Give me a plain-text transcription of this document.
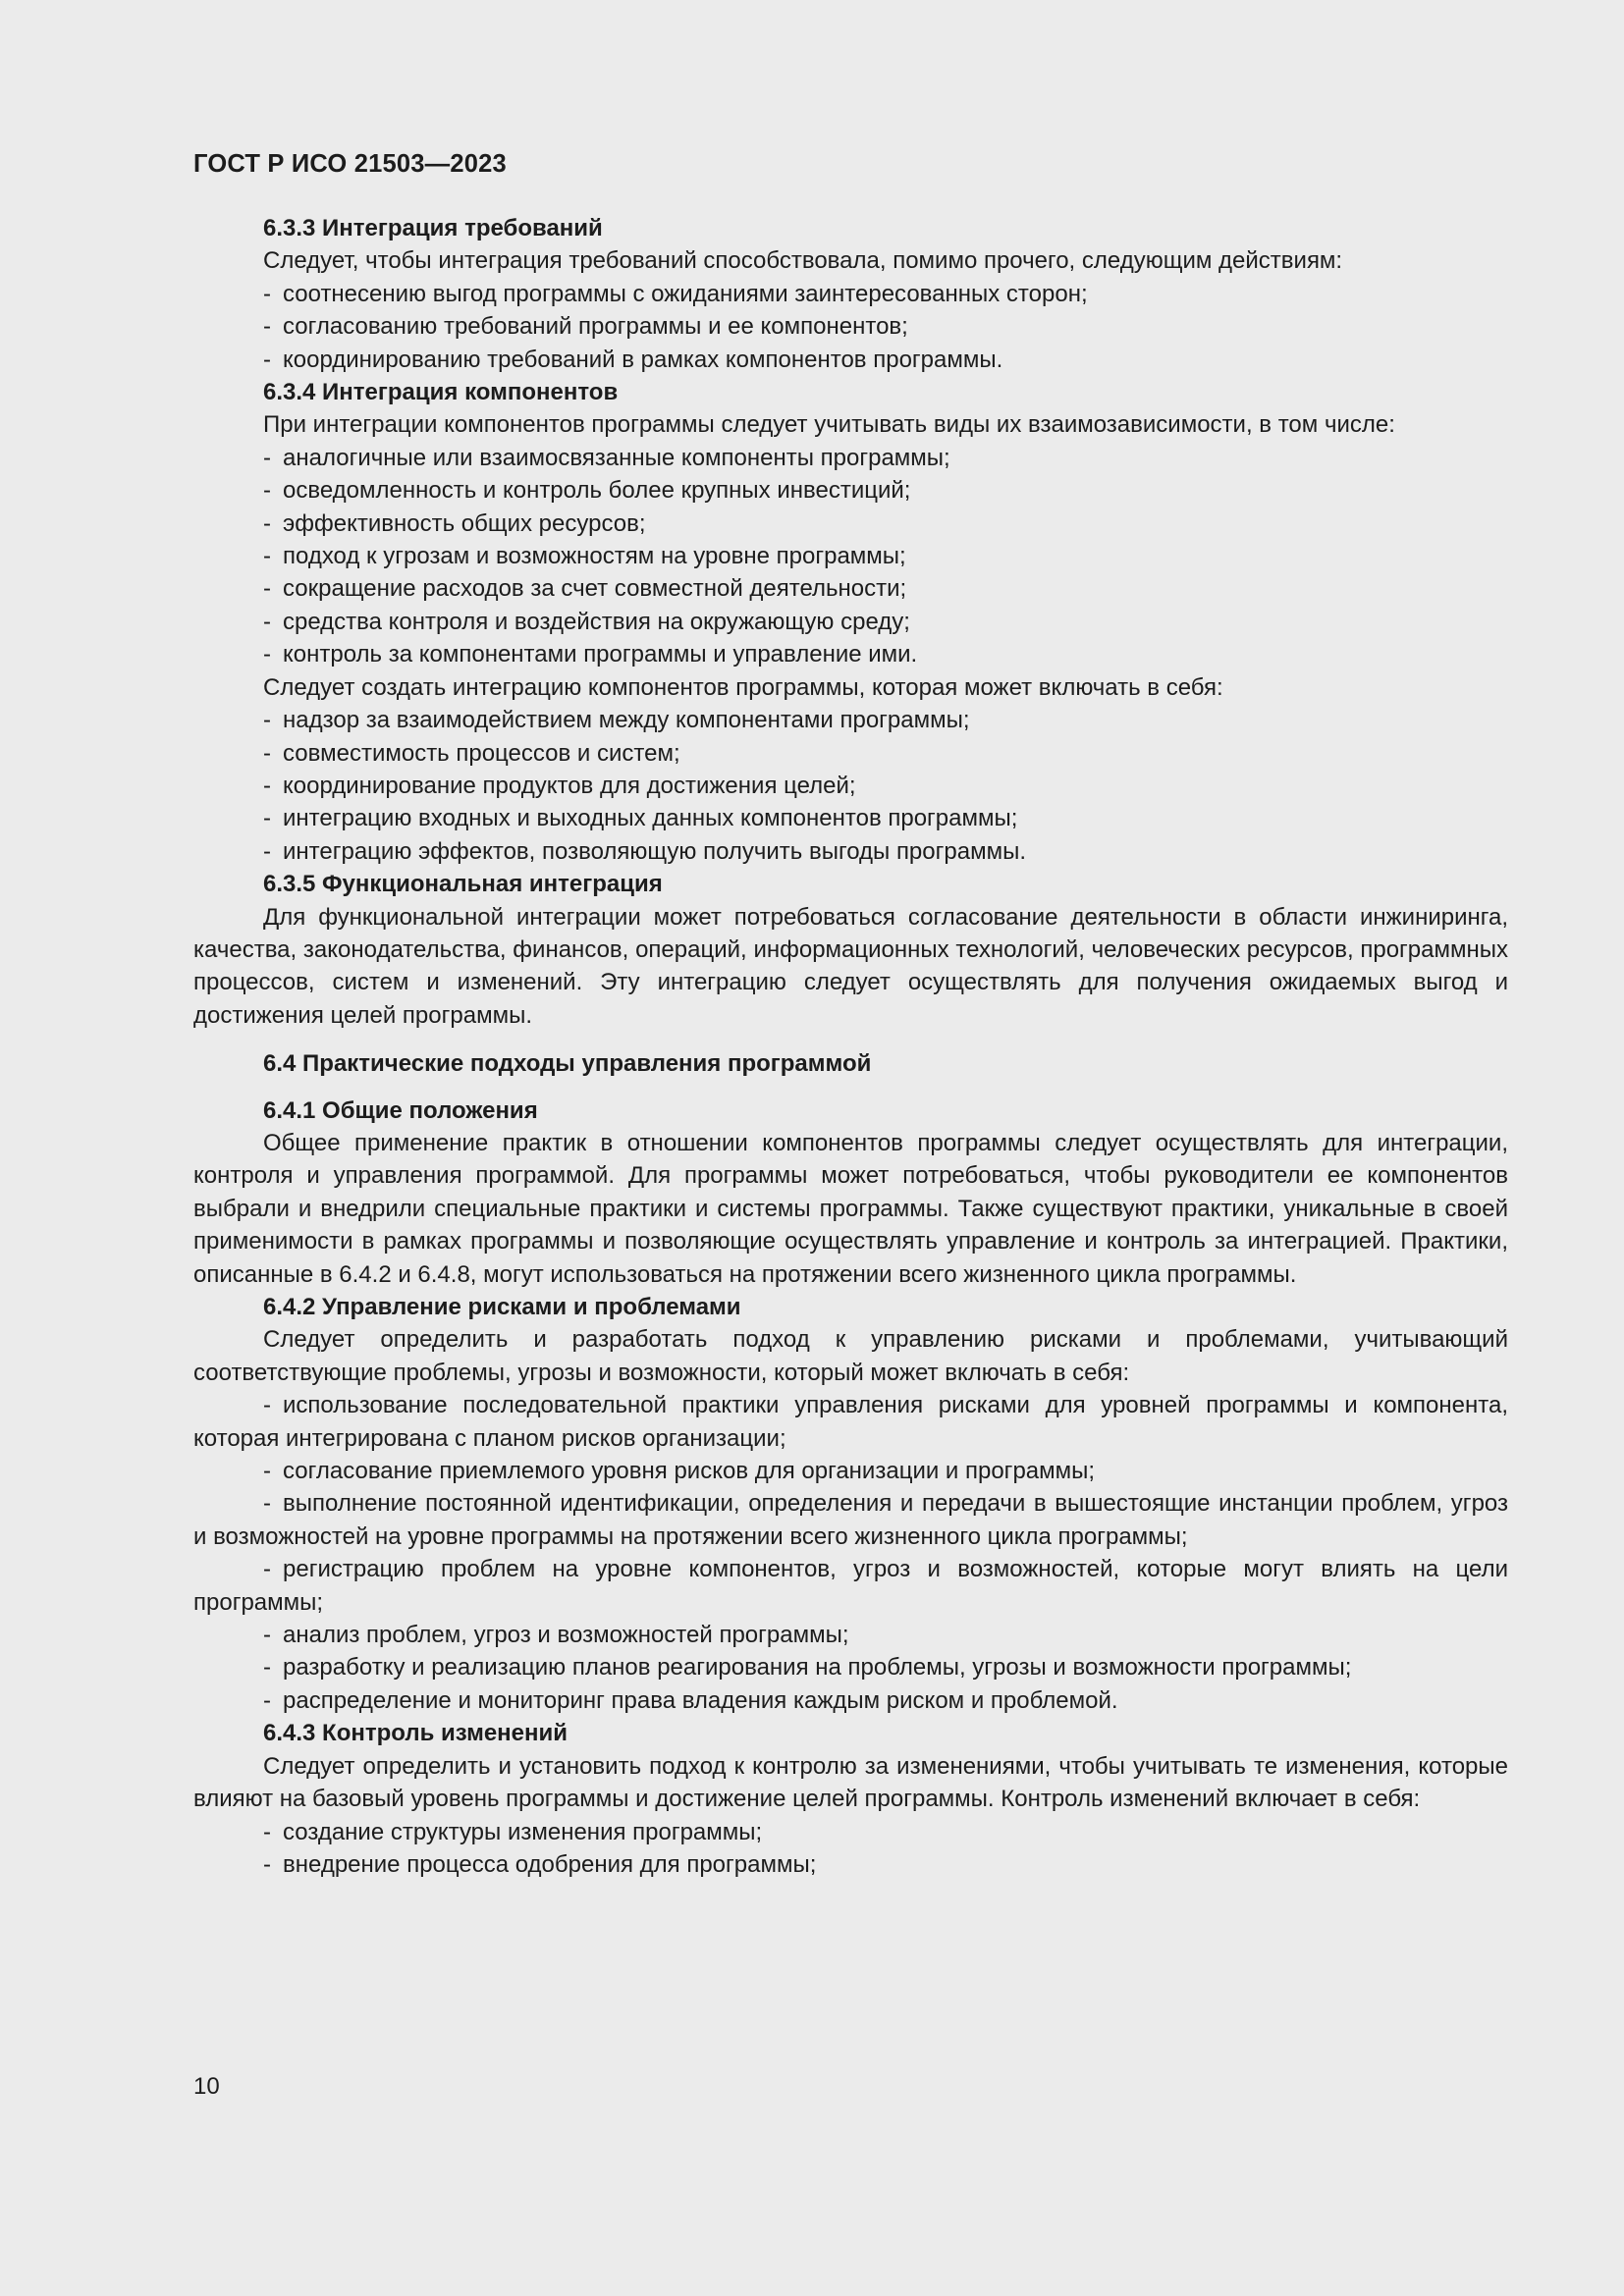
ГОСТ Р ИСО 21503—2023
6.3.3 Интеграция требований
Следует, чтобы интеграция требований способствовала, помимо прочего, следующим действиям:
- соотнесению выгод программы с ожиданиями заинтересованных сторон;
- согласованию требований программы и ее компонентов;
- координированию требований в рамках компонентов программы.
6.3.4 Интеграция компонентов
При интеграции компонентов программы следует учитывать виды их взаимозависимости, в том числе:
- аналогичные или взаимосвязанные компоненты программы;
- осведомленность и контроль более крупных инвестиций;
- эффективность общих ресурсов;
- подход к угрозам и возможностям на уровне программы;
- сокращение расходов за счет совместной деятельности;
- средства контроля и воздействия на окружающую среду;
- контроль за компонентами программы и управление ими.
Следует создать интеграцию компонентов программы, которая может включать в себя:
- надзор за взаимодействием между компонентами программы;
- совместимость процессов и систем;
- координирование продуктов для достижения целей;
- интеграцию входных и выходных данных компонентов программы;
- интеграцию эффектов, позволяющую получить выгоды программы.
6.3.5 Функциональная интеграция
Для функциональной интеграции может потребоваться согласование деятельности в области инжиниринга, качества, законодательства, финансов, операций, информационных технологий, человеческих ресурсов, программных процессов, систем и изменений. Эту интеграцию следует осуществлять для получения ожидаемых выгод и достижения целей программы.
6.4 Практические подходы управления программой
6.4.1 Общие положения
Общее применение практик в отношении компонентов программы следует осуществлять для интеграции, контроля и управления программой. Для программы может потребоваться, чтобы руководители ее компонентов выбрали и внедрили специальные практики и системы программы. Также существуют практики, уникальные в своей применимости в рамках программы и позволяющие осуществлять управление и контроль за интеграцией. Практики, описанные в 6.4.2 и 6.4.8, могут использоваться на протяжении всего жизненного цикла программы.
6.4.2 Управление рисками и проблемами
Следует определить и разработать подход к управлению рисками и проблемами, учитывающий соответствующие проблемы, угрозы и возможности, который может включать в себя:
- использование последовательной практики управления рисками для уровней программы и компонента, которая интегрирована с планом рисков организации;
- согласование приемлемого уровня рисков для организации и программы;
- выполнение постоянной идентификации, определения и передачи в вышестоящие инстанции проблем, угроз и возможностей на уровне программы на протяжении всего жизненного цикла программы;
- регистрацию проблем на уровне компонентов, угроз и возможностей, которые могут влиять на цели программы;
- анализ проблем, угроз и возможностей программы;
- разработку и реализацию планов реагирования на проблемы, угрозы и возможности программы;
- распределение и мониторинг права владения каждым риском и проблемой.
6.4.3 Контроль изменений
Следует определить и установить подход к контролю за изменениями, чтобы учитывать те изменения, которые влияют на базовый уровень программы и достижение целей программы. Контроль изменений включает в себя:
- создание структуры изменения программы;
- внедрение процесса одобрения для программы;
10
